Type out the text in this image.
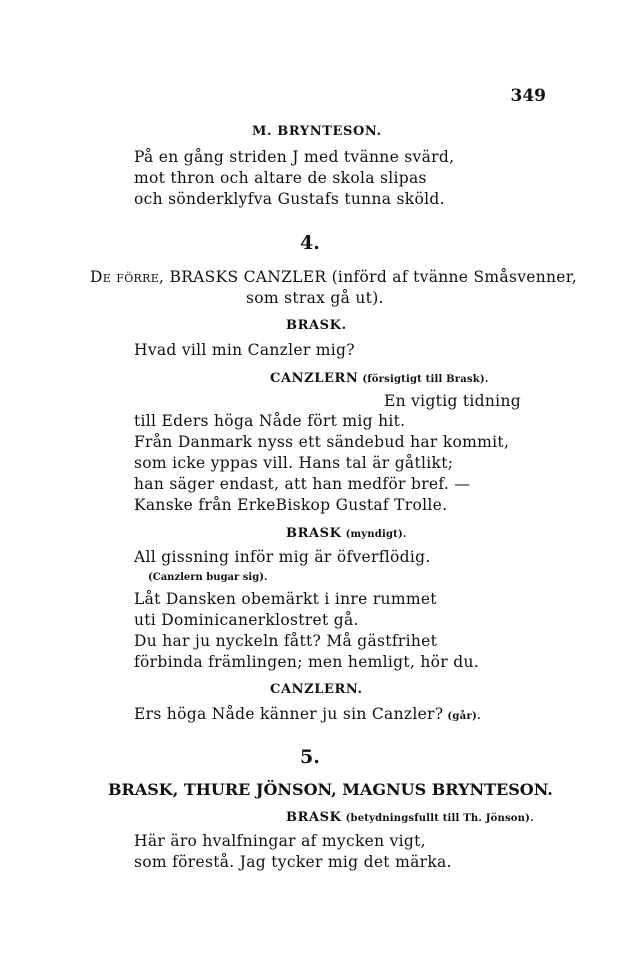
349
M. BRYNTESON.
På en gång striden J med tvänne svärd,
mot thron och altare de skola slipas
och sönderklyfva Gustafs tunna sköld.
4.
De förre, BRASKS CANZLER (införd af tvänne Småsvenner,
som strax gå ut).
BRASK.
Hvad vill min Canzler mig?
CANZLERN (försigtigt till Brask).
En vigtig tidning
till Eders höga Nåde fört mig hit.
Från Danmark nyss ett sändebud har kommit,
som icke yppas vill. Hans tal är gåtlikt;
han säger endast, att han medför bref. —
Kanske från ErkeBiskop Gustaf Trolle.
BRASK (myndigt).
All gissning inför mig är öfverflödig.
(Canzlern bugar sig).
Låt Dansken obemärkt i inre rummet
uti Dominicanerklostret gå.
Du har ju nyckeln fått? Må gästfrihet
förbinda främlingen; men hemligt, hör du.
CANZLERN.
Ers höga Nåde känner ju sin Canzler? (går).
5.
BRASK, THURE JÖNSON, MAGNUS BRYNTESON.
BRASK (betydningsfullt till Th. Jönson).
Här äro hvalfningar af mycken vigt,
som förestå. Jag tycker mig det märka.
